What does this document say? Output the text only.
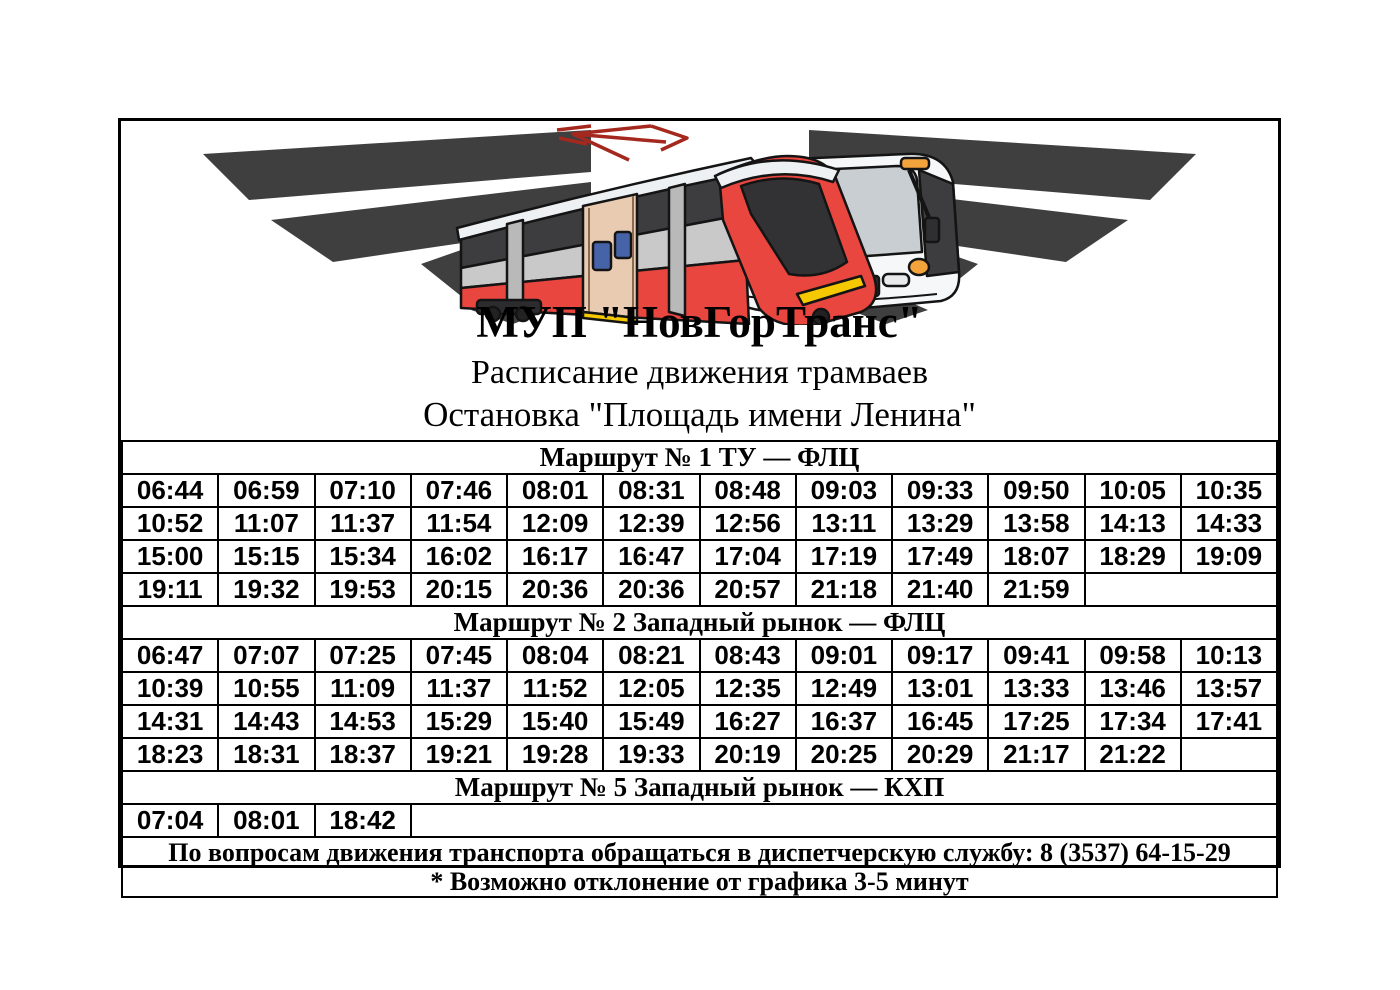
МУП "НовГорТранс"
Расписание движения трамваев
Остановка "Площадь имени Ленина"
Маршрут № 1 ТУ — ФЛЦ											
06:44	06:59	07:10	07:46	08:01	08:31	08:48	09:03	09:33	09:50	10:05	10:35
10:52	11:07	11:37	11:54	12:09	12:39	12:56	13:11	13:29	13:58	14:13	14:33
15:00	15:15	15:34	16:02	16:17	16:47	17:04	17:19	17:49	18:07	18:29	19:09
19:11	19:32	19:53	20:15	20:36	20:36	20:57	21:18	21:40	21:59		
Маршрут № 2 Западный рынок — ФЛЦ											
06:47	07:07	07:25	07:45	08:04	08:21	08:43	09:01	09:17	09:41	09:58	10:13
10:39	10:55	11:09	11:37	11:52	12:05	12:35	12:49	13:01	13:33	13:46	13:57
14:31	14:43	14:53	15:29	15:40	15:49	16:27	16:37	16:45	17:25	17:34	17:41
18:23	18:31	18:37	19:21	19:28	19:33	20:19	20:25	20:29	21:17	21:22	
Маршрут № 5 Западный рынок — КХП											
07:04	08:01	18:42									

По вопросам движения транспорта обращаться в диспетчерскую службу: 8 (3537) 64-15-29
* Возможно отклонение от графика 3-5 минут											
